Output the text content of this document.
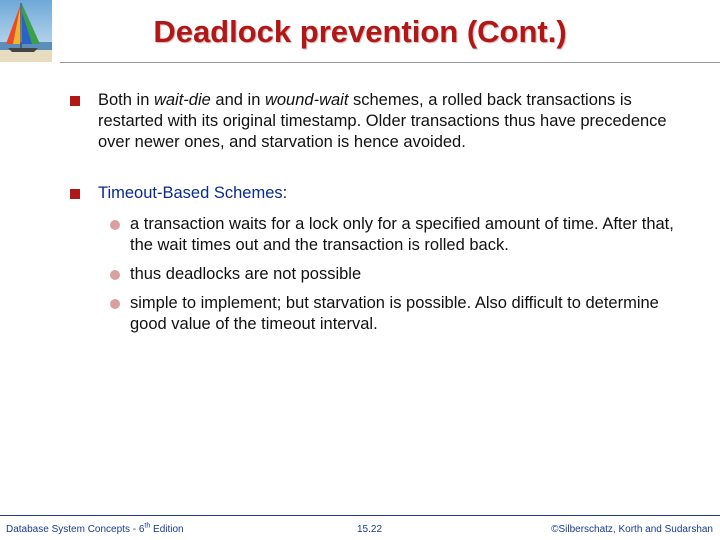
Deadlock prevention (Cont.)
Both in wait-die and in wound-wait schemes, a rolled back transactions is restarted with its original timestamp. Older transactions thus have precedence over newer ones, and starvation is hence avoided.
Timeout-Based Schemes:
a transaction waits for a lock only for a specified amount of time. After that, the wait times out and the transaction is rolled back.
thus deadlocks are not possible
simple to implement; but starvation is possible. Also difficult to determine good value of the timeout interval.
Database System Concepts - 6th Edition	15.22	©Silberschatz, Korth and Sudarshan
